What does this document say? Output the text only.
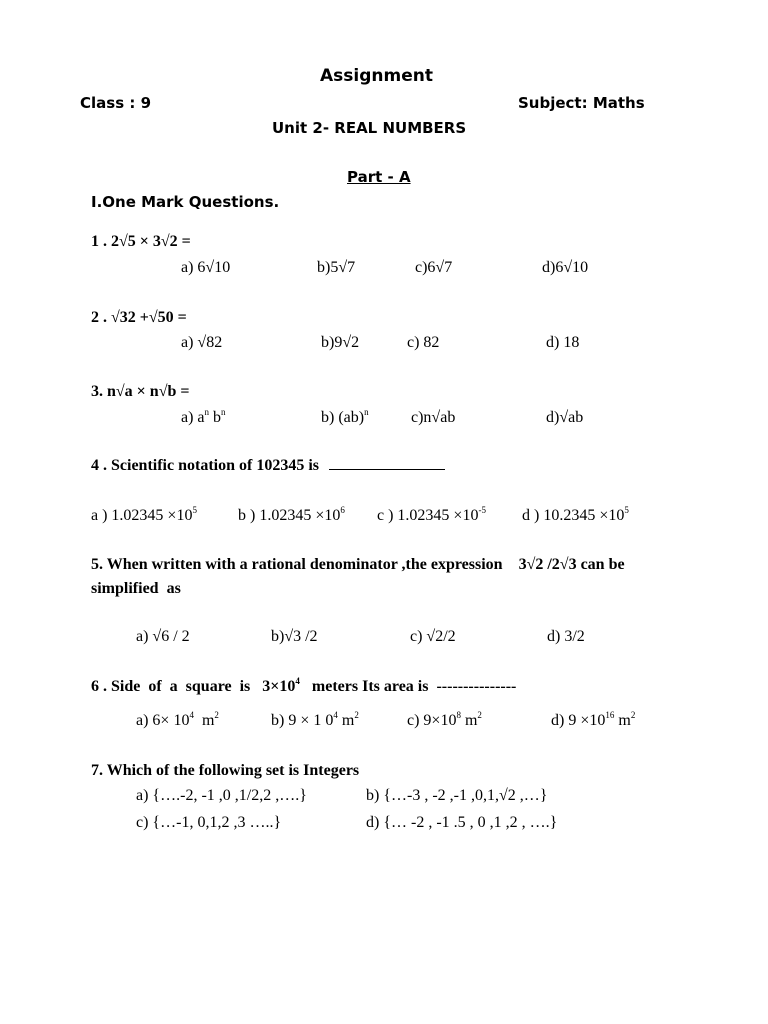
Assignment
Class : 9	Subject: Maths
Unit 2- REAL NUMBERS
Part - A
I.One Mark Questions.
1 . 2√5 × 3√2 =
a) 6√10	b)5√7	c)6√7	d)6√10
2 . √32 +√50 =
a) √82	b)9√2	c) 82	d) 18
3. n√a × n√b =
a) $a^n$ $b^n$	b) (ab)$^n$	c)n√ab	d)√ab
4 . Scientific notation of 102345 is
a ) $1.02345 \times 10^5$	b ) $1.02345 \times 10^6$ c ) $1.02345 \times 10^{-5}$ d ) $10.2345 \times 10^5$
5. When written with a rational denominator ,the expression    3√2 /2√3 can be
simplified  as
a) √6 / 2	b)√3 /2	c) √2/2	d) 3/2
6 . Side  of  a  square  is   $3\times 10^4$   meters Its area is  ---------------
a) $6\times 10^4$  $m^2$	b) 9 × 1 $0^4$ $m^2$	c) $9\times 10^8$ $m^2$	d) $9 \times 10^{16}$ $m^2$
7. Which of the following set is Integers
a) {….-2, -1 ,0 ,1/2,2 ,….}	b) {…-3 , -2 ,-1 ,0,1,√2 ,…}
c) {…-1, 0,1,2 ,3 …..}	d) {… -2 , -1 .5 , 0 ,1 ,2 , ….}
